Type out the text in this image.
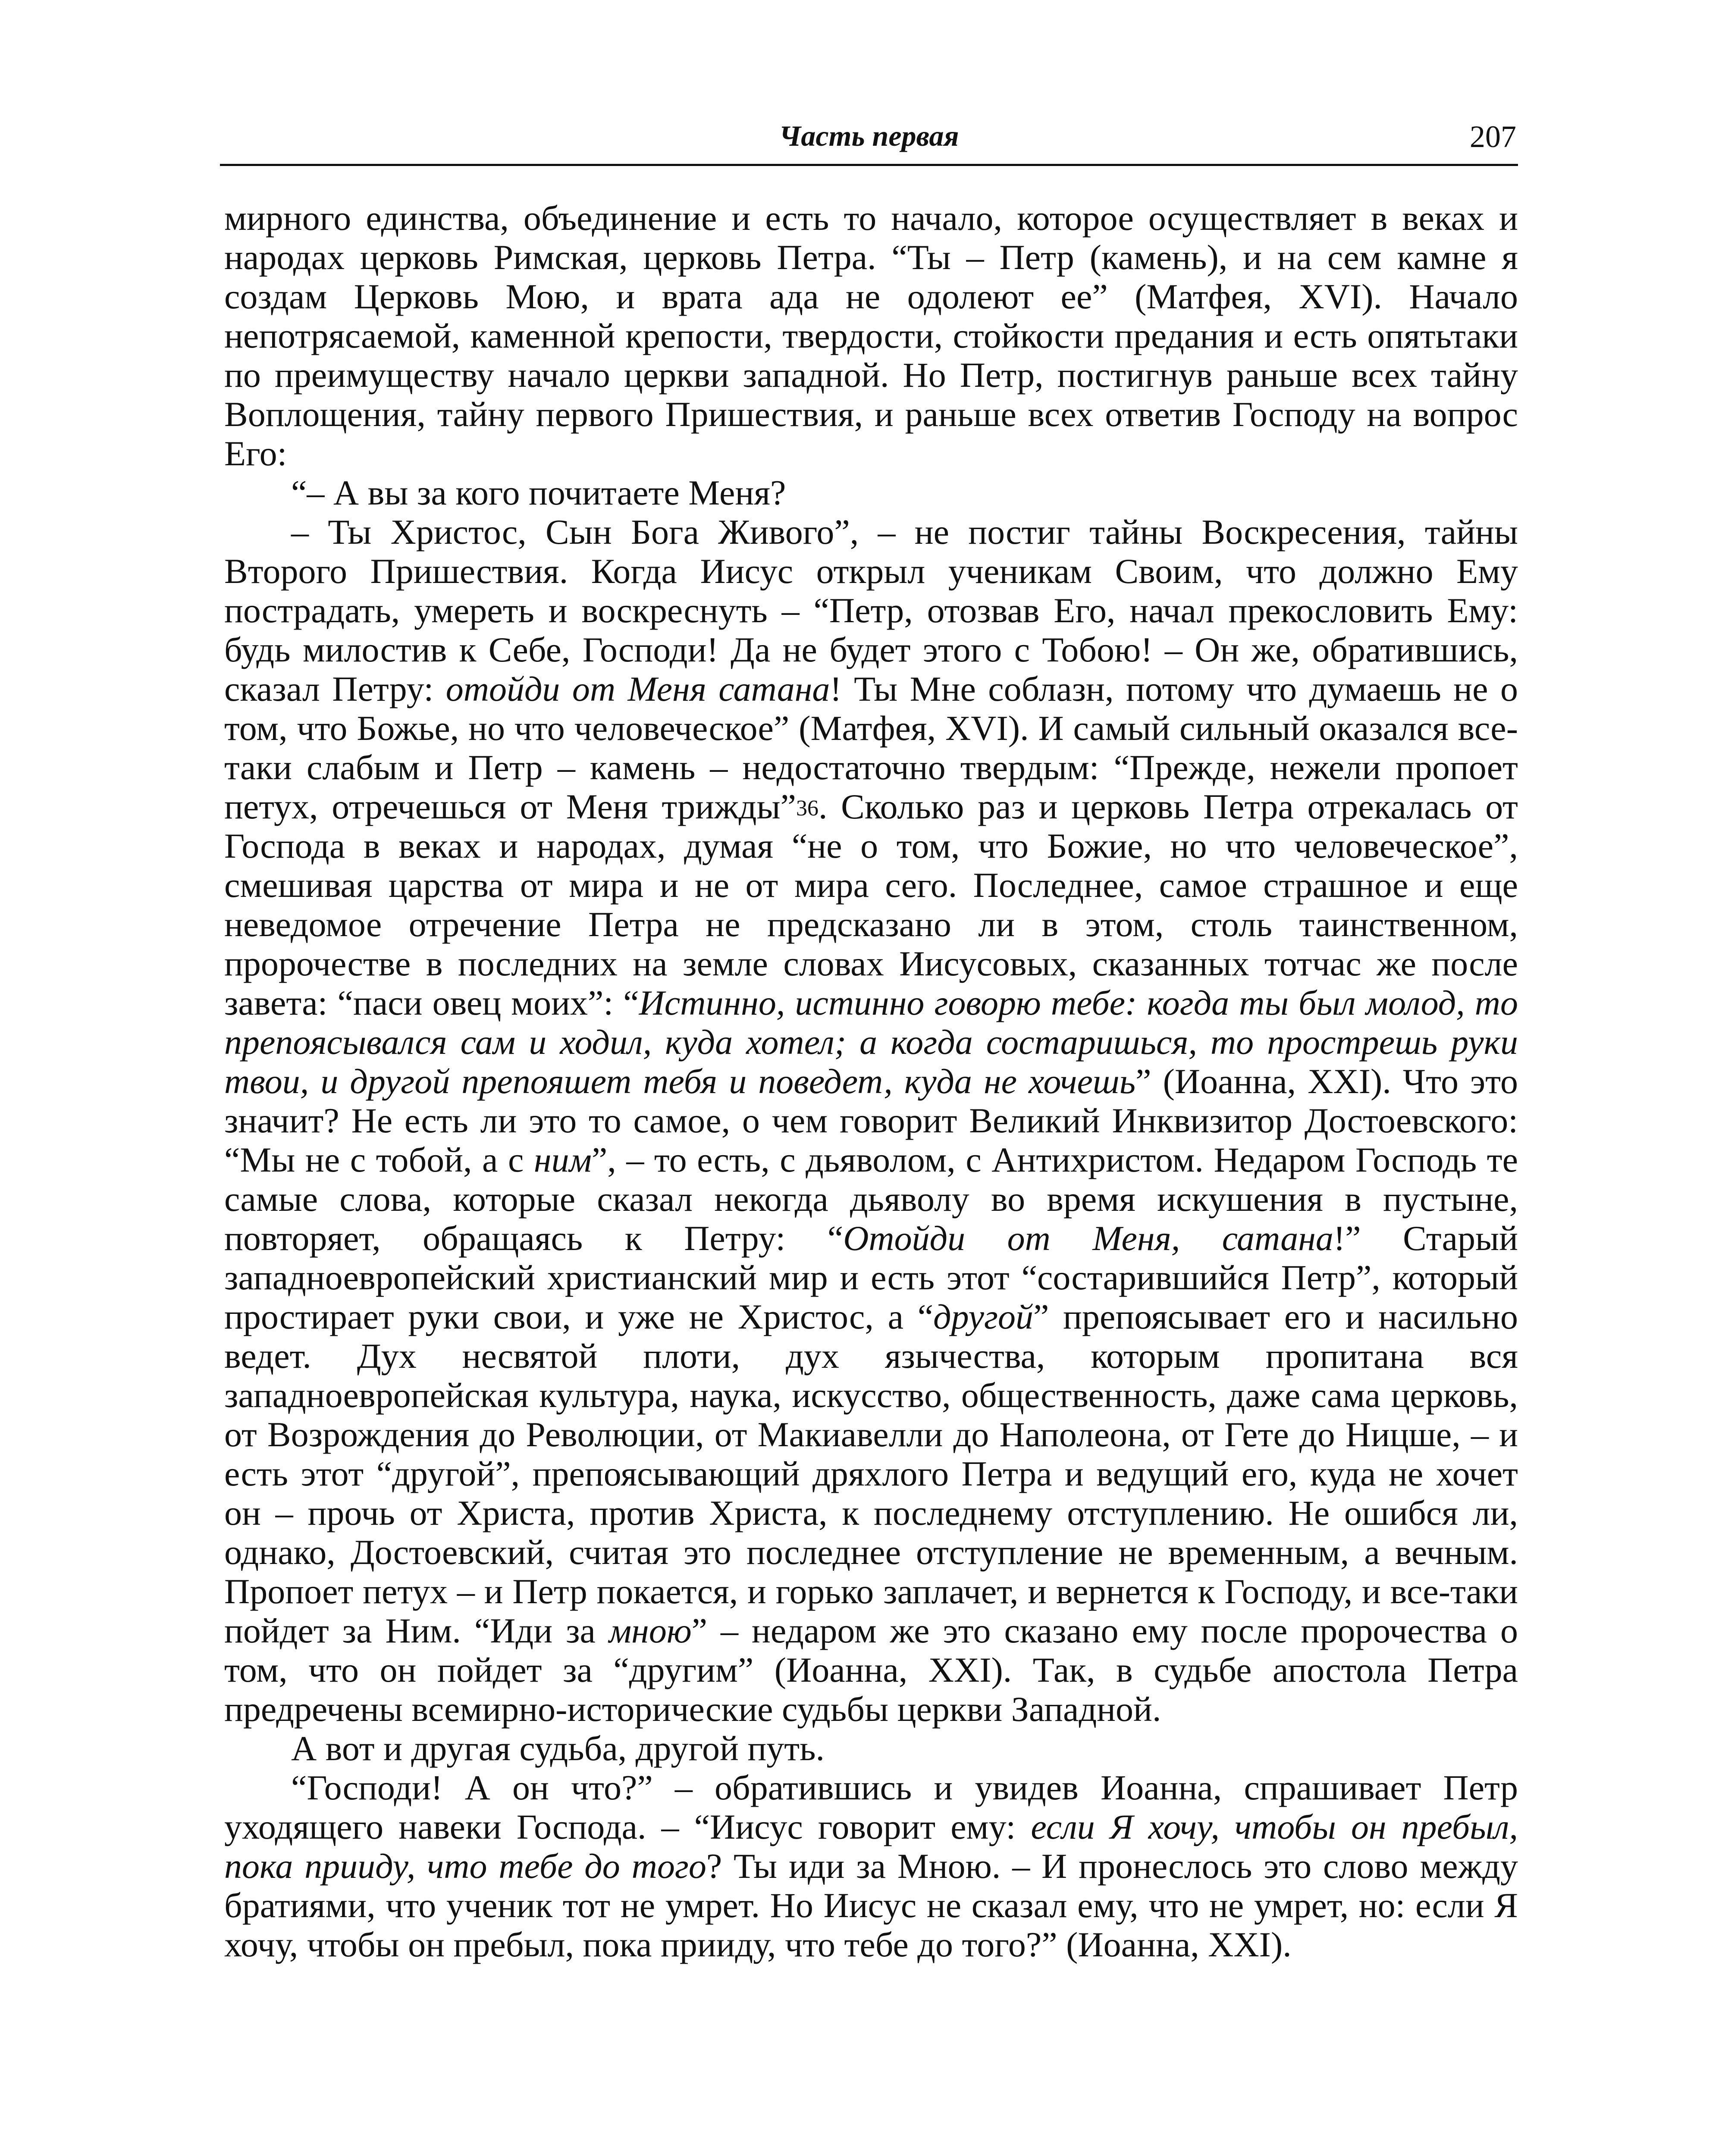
Часть первая	207

мирного единства, объединение и есть то начало, которое осуществляет в веках и народах церковь Римская, церковь Петра. “Ты – Петр (камень), и на сем камне я создам Церковь Мою, и врата ада не одолеют ее” (Матфея, XVI). Начало непотрясаемой, каменной крепости, твердости, стойкости предания и есть опятьтаки по преимуществу начало церкви западной. Но Петр, постигнув раньше всех тайну Воплощения, тайну первого Пришествия, и раньше всех ответив Господу на вопрос Его:

“– А вы за кого почитаете Меня?

– Ты Христос, Сын Бога Живого”, – не постиг тайны Воскресения, тайны Второго Пришествия. Когда Иисус открыл ученикам Своим, что должно Ему пострадать, умереть и воскреснуть – “Петр, отозвав Его, начал прекословить Ему: будь милостив к Себе, Господи! Да не будет этого с Тобою! – Он же, обратившись, сказал Петру: отойди от Меня сатана! Ты Мне соблазн, потому что думаешь не о том, что Божье, но что человеческое” (Матфея, XVI). И самый сильный оказался все-таки слабым и Петр – камень – недостаточно твердым: “Прежде, нежели пропоет петух, отречешься от Меня трижды”$^{36}$. Сколько раз и церковь Петра отрекалась от Господа в веках и народах, думая “не о том, что Божие, но что человеческое”, смешивая царства от мира и не от мира сего. Последнее, самое страшное и еще неведомое отречение Петра не предсказано ли в этом, столь таинственном, пророчестве в последних на земле словах Иисусовых, сказанных тотчас же после завета: “паси овец моих”: “Истинно, истинно говорю тебе: когда ты был молод, то препоясывался сам и ходил, куда хотел; а когда состаришься, то прострешь руки твои, и другой препояшет тебя и поведет, куда не хочешь” (Иоанна, XXI). Что это значит? Не есть ли это то самое, о чем говорит Великий Инквизитор Достоевского: “Мы не с тобой, а с ним”, – то есть, с дьяволом, с Антихристом. Недаром Господь те самые слова, которые сказал некогда дьяволу во время искушения в пустыне, повторяет, обращаясь к Петру: “Отойди от Меня, сатана!” Старый западноевропейский христианский мир и есть этот “состарившийся Петр”, который простирает руки свои, и уже не Христос, а “другой” препоясывает его и насильно ведет. Дух несвятой плоти, дух язычества, которым пропитана вся западноевропейская культура, наука, искусство, общественность, даже сама церковь, от Возрождения до Революции, от Макиавелли до Наполеона, от Гете до Ницше, – и есть этот “другой”, препоясывающий дряхлого Петра и ведущий его, куда не хочет он – прочь от Христа, против Христа, к последнему отступлению. Не ошибся ли, однако, Достоевский, считая это последнее отступление не временным, а вечным. Пропоет петух – и Петр покается, и горько заплачет, и вернется к Господу, и все-таки пойдет за Ним. “Иди за мною” – недаром же это сказано ему после пророчества о том, что он пойдет за “другим” (Иоанна, XXI). Так, в судьбе апостола Петра предречены всемирно-исторические судьбы церкви Западной.

А вот и другая судьба, другой путь.

“Господи! А он что?” – обратившись и увидев Иоанна, спрашивает Петр уходящего навеки Господа. – “Иисус говорит ему: если Я хочу, чтобы он пребыл, пока прииду, что тебе до того? Ты иди за Мною. – И пронеслось это слово между братиями, что ученик тот не умрет. Но Иисус не сказал ему, что не умрет, но: если Я хочу, чтобы он пребыл, пока прииду, что тебе до того?” (Иоанна, XXI).
